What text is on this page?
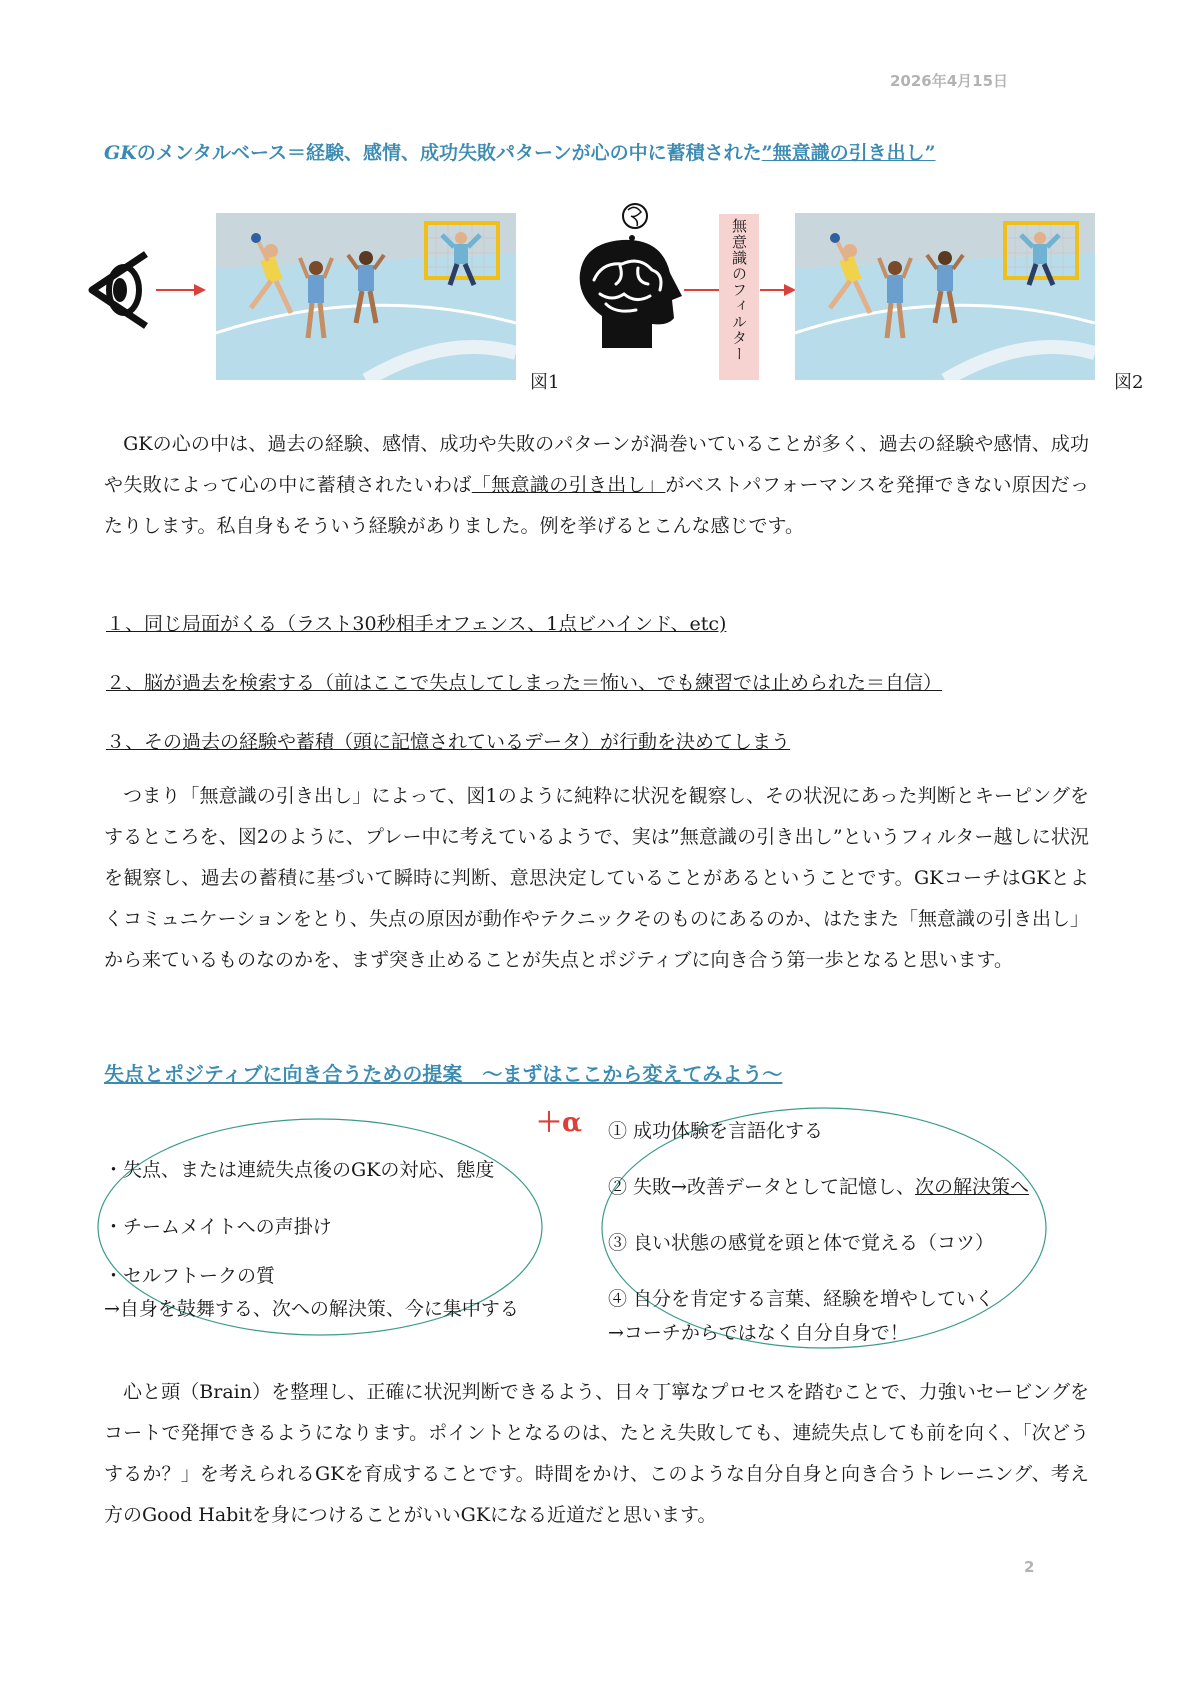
2026年4月15日
GKのメンタルベース＝経験、感情、成功失敗パターンが心の中に蓄積された”無意識の引き出し”
図1
無意識のフィルター
図2
　GKの心の中は、過去の経験、感情、成功や失敗のパターンが渦巻いていることが多く、過去の経験や感情、成功や失敗によって心の中に蓄積されたいわば「無意識の引き出し」がベストパフォーマンスを発揮できない原因だったりします。私自身もそういう経験がありました。例を挙げるとこんな感じです。
１、同じ局面がくる（ラスト30秒相手オフェンス、1点ビハインド、etc)
２、脳が過去を検索する（前はここで失点してしまった＝怖い、でも練習では止められた＝自信）
３、その過去の経験や蓄積（頭に記憶されているデータ）が行動を決めてしまう
　つまり「無意識の引き出し」によって、図1のように純粋に状況を観察し、その状況にあった判断とキーピングをするところを、図2のように、プレー中に考えているようで、実は”無意識の引き出し”というフィルター越しに状況を観察し、過去の蓄積に基づいて瞬時に判断、意思決定していることがあるということです。GKコーチはGKとよくコミュニケーションをとり、失点の原因が動作やテクニックそのものにあるのか、はたまた「無意識の引き出し」から来ているものなのかを、まず突き止めることが失点とポジティブに向き合う第一歩となると思います。
失点とポジティブに向き合うための提案　〜まずはここから変えてみよう〜
＋α
・失点、または連続失点後のGKの対応、態度
・チームメイトへの声掛け
・セルフトークの質
→自身を鼓舞する、次への解決策、今に集中する
① 成功体験を言語化する
② 失敗→改善データとして記憶し、次の解決策へ
③ 良い状態の感覚を頭と体で覚える（コツ）
④ 自分を肯定する言葉、経験を増やしていく
→コーチからではなく自分自身で！
　心と頭（Brain）を整理し、正確に状況判断できるよう、日々丁寧なプロセスを踏むことで、力強いセービングをコートで発揮できるようになります。ポイントとなるのは、たとえ失敗しても、連続失点しても前を向く、「次どうするか？」を考えられるGKを育成することです。時間をかけ、このような自分自身と向き合うトレーニング、考え方のGood Habitを身につけることがいいGKになる近道だと思います。
2
